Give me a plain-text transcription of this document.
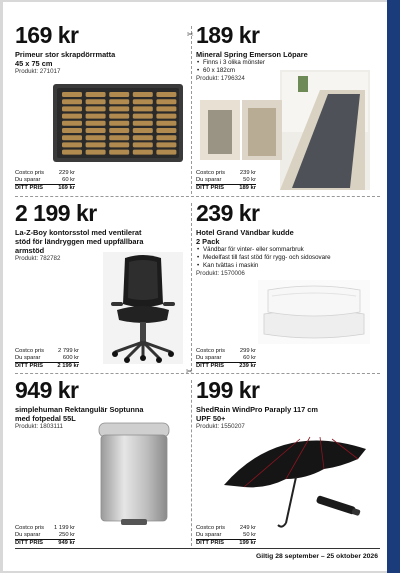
✂
✂
169 kr
Primeur stor skrapdörrmatta
45 x 75 cm
Produkt: 271017
Costco pris	229 kr
Du sparar	60 kr
DITT PRIS	169 kr
189 kr
Mineral Spring Emerson Löpare
• Finns i 3 olika mönster
• 60 x 182cm
Produkt: 1796324
Costco pris	239 kr
Du sparar	50 kr
DITT PRIS	189 kr
2 199 kr
La-Z-Boy kontorsstol med ventilerat
stöd för ländryggen med uppfällbara
armstöd
Produkt: 782782
Costco pris 2 799 kr
Du sparar	600 kr
DITT PRIS 2 199 kr
239 kr
Hotel Grand Vändbar kudde
2 Pack
• Vändbar för vinter- eller sommarbruk
• Medelfast till fast stöd för rygg- och sidosovare
• Kan tvättas i maskin
Produkt: 1570006
Costco pris	299 kr
Du sparar	60 kr
DITT PRIS	239 kr
949 kr
simplehuman Rektangulär Soptunna
med fotpedal 55L
Produkt: 1803111
Costco pris 1 199 kr
Du sparar	250 kr
DITT PRIS	949 kr
199 kr
ShedRain WindPro Paraply 117 cm
UPF 50+
Produkt: 1550207
Costco pris	249 kr
Du sparar	50 kr
DITT PRIS	199 kr
Giltig 28 september – 25 oktober 2026
